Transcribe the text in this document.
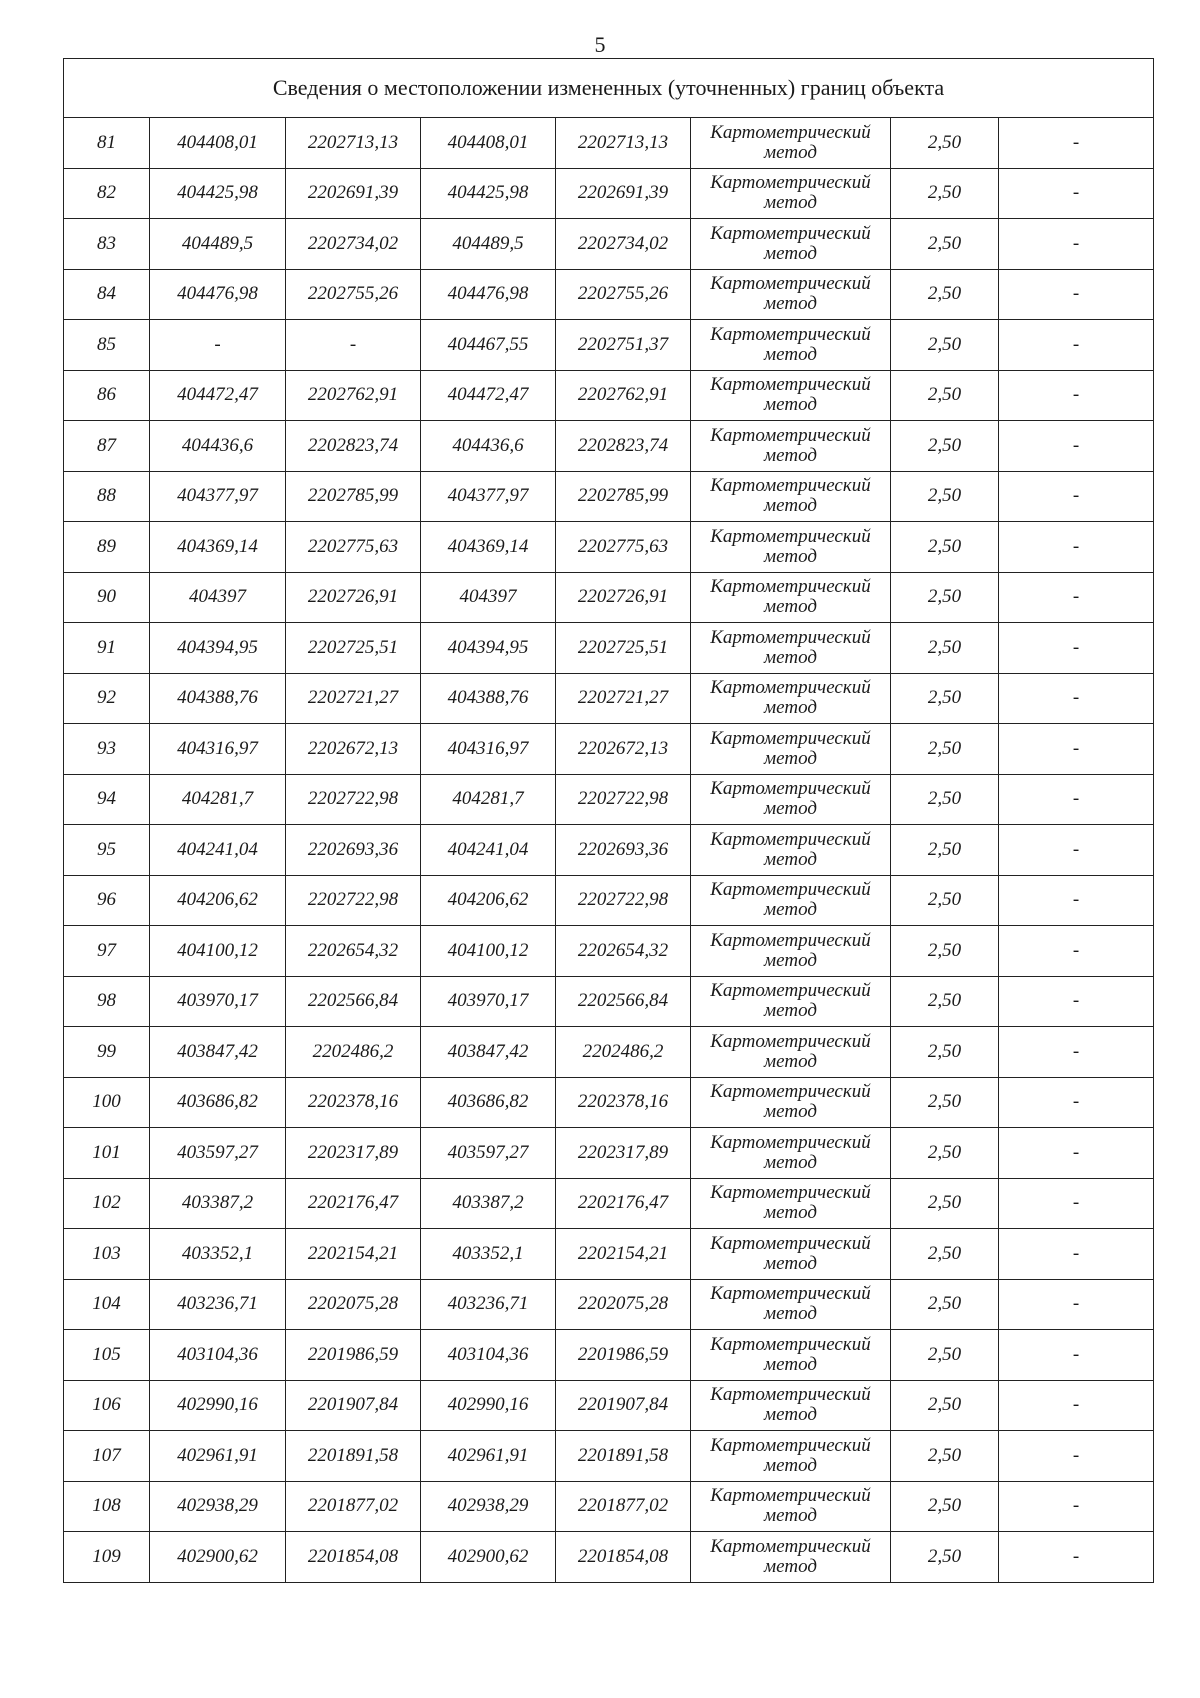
5
Сведения о местоположении измененных (уточненных) границ объекта							
81	404408,01	2202713,13	404408,01	2202713,13	Картометрический
метод	2,50	-
82	404425,98	2202691,39	404425,98	2202691,39	Картометрический
метод	2,50	-
83	404489,5	2202734,02	404489,5	2202734,02	Картометрический
метод	2,50	-
84	404476,98	2202755,26	404476,98	2202755,26	Картометрический
метод	2,50	-
85	-	-	404467,55	2202751,37	Картометрический
метод	2,50	-
86	404472,47	2202762,91	404472,47	2202762,91	Картометрический
метод	2,50	-
87	404436,6	2202823,74	404436,6	2202823,74	Картометрический
метод	2,50	-
88	404377,97	2202785,99	404377,97	2202785,99	Картометрический
метод	2,50	-
89	404369,14	2202775,63	404369,14	2202775,63	Картометрический
метод	2,50	-
90	404397	2202726,91	404397	2202726,91	Картометрический
метод	2,50	-
91	404394,95	2202725,51	404394,95	2202725,51	Картометрический
метод	2,50	-
92	404388,76	2202721,27	404388,76	2202721,27	Картометрический
метод	2,50	-
93	404316,97	2202672,13	404316,97	2202672,13	Картометрический
метод	2,50	-
94	404281,7	2202722,98	404281,7	2202722,98	Картометрический
метод	2,50	-
95	404241,04	2202693,36	404241,04	2202693,36	Картометрический
метод	2,50	-
96	404206,62	2202722,98	404206,62	2202722,98	Картометрический
метод	2,50	-
97	404100,12	2202654,32	404100,12	2202654,32	Картометрический
метод	2,50	-
98	403970,17	2202566,84	403970,17	2202566,84	Картометрический
метод	2,50	-
99	403847,42	2202486,2	403847,42	2202486,2	Картометрический
метод	2,50	-
100	403686,82	2202378,16	403686,82	2202378,16	Картометрический
метод	2,50	-
101	403597,27	2202317,89	403597,27	2202317,89	Картометрический
метод	2,50	-
102	403387,2	2202176,47	403387,2	2202176,47	Картометрический
метод	2,50	-
103	403352,1	2202154,21	403352,1	2202154,21	Картометрический
метод	2,50	-
104	403236,71	2202075,28	403236,71	2202075,28	Картометрический
метод	2,50	-
105	403104,36	2201986,59	403104,36	2201986,59	Картометрический
метод	2,50	-
106	402990,16	2201907,84	402990,16	2201907,84	Картометрический
метод	2,50	-
107	402961,91	2201891,58	402961,91	2201891,58	Картометрический
метод	2,50	-
108	402938,29	2201877,02	402938,29	2201877,02	Картометрический
метод	2,50	-
109	402900,62	2201854,08	402900,62	2201854,08	Картометрический
метод	2,50	-
